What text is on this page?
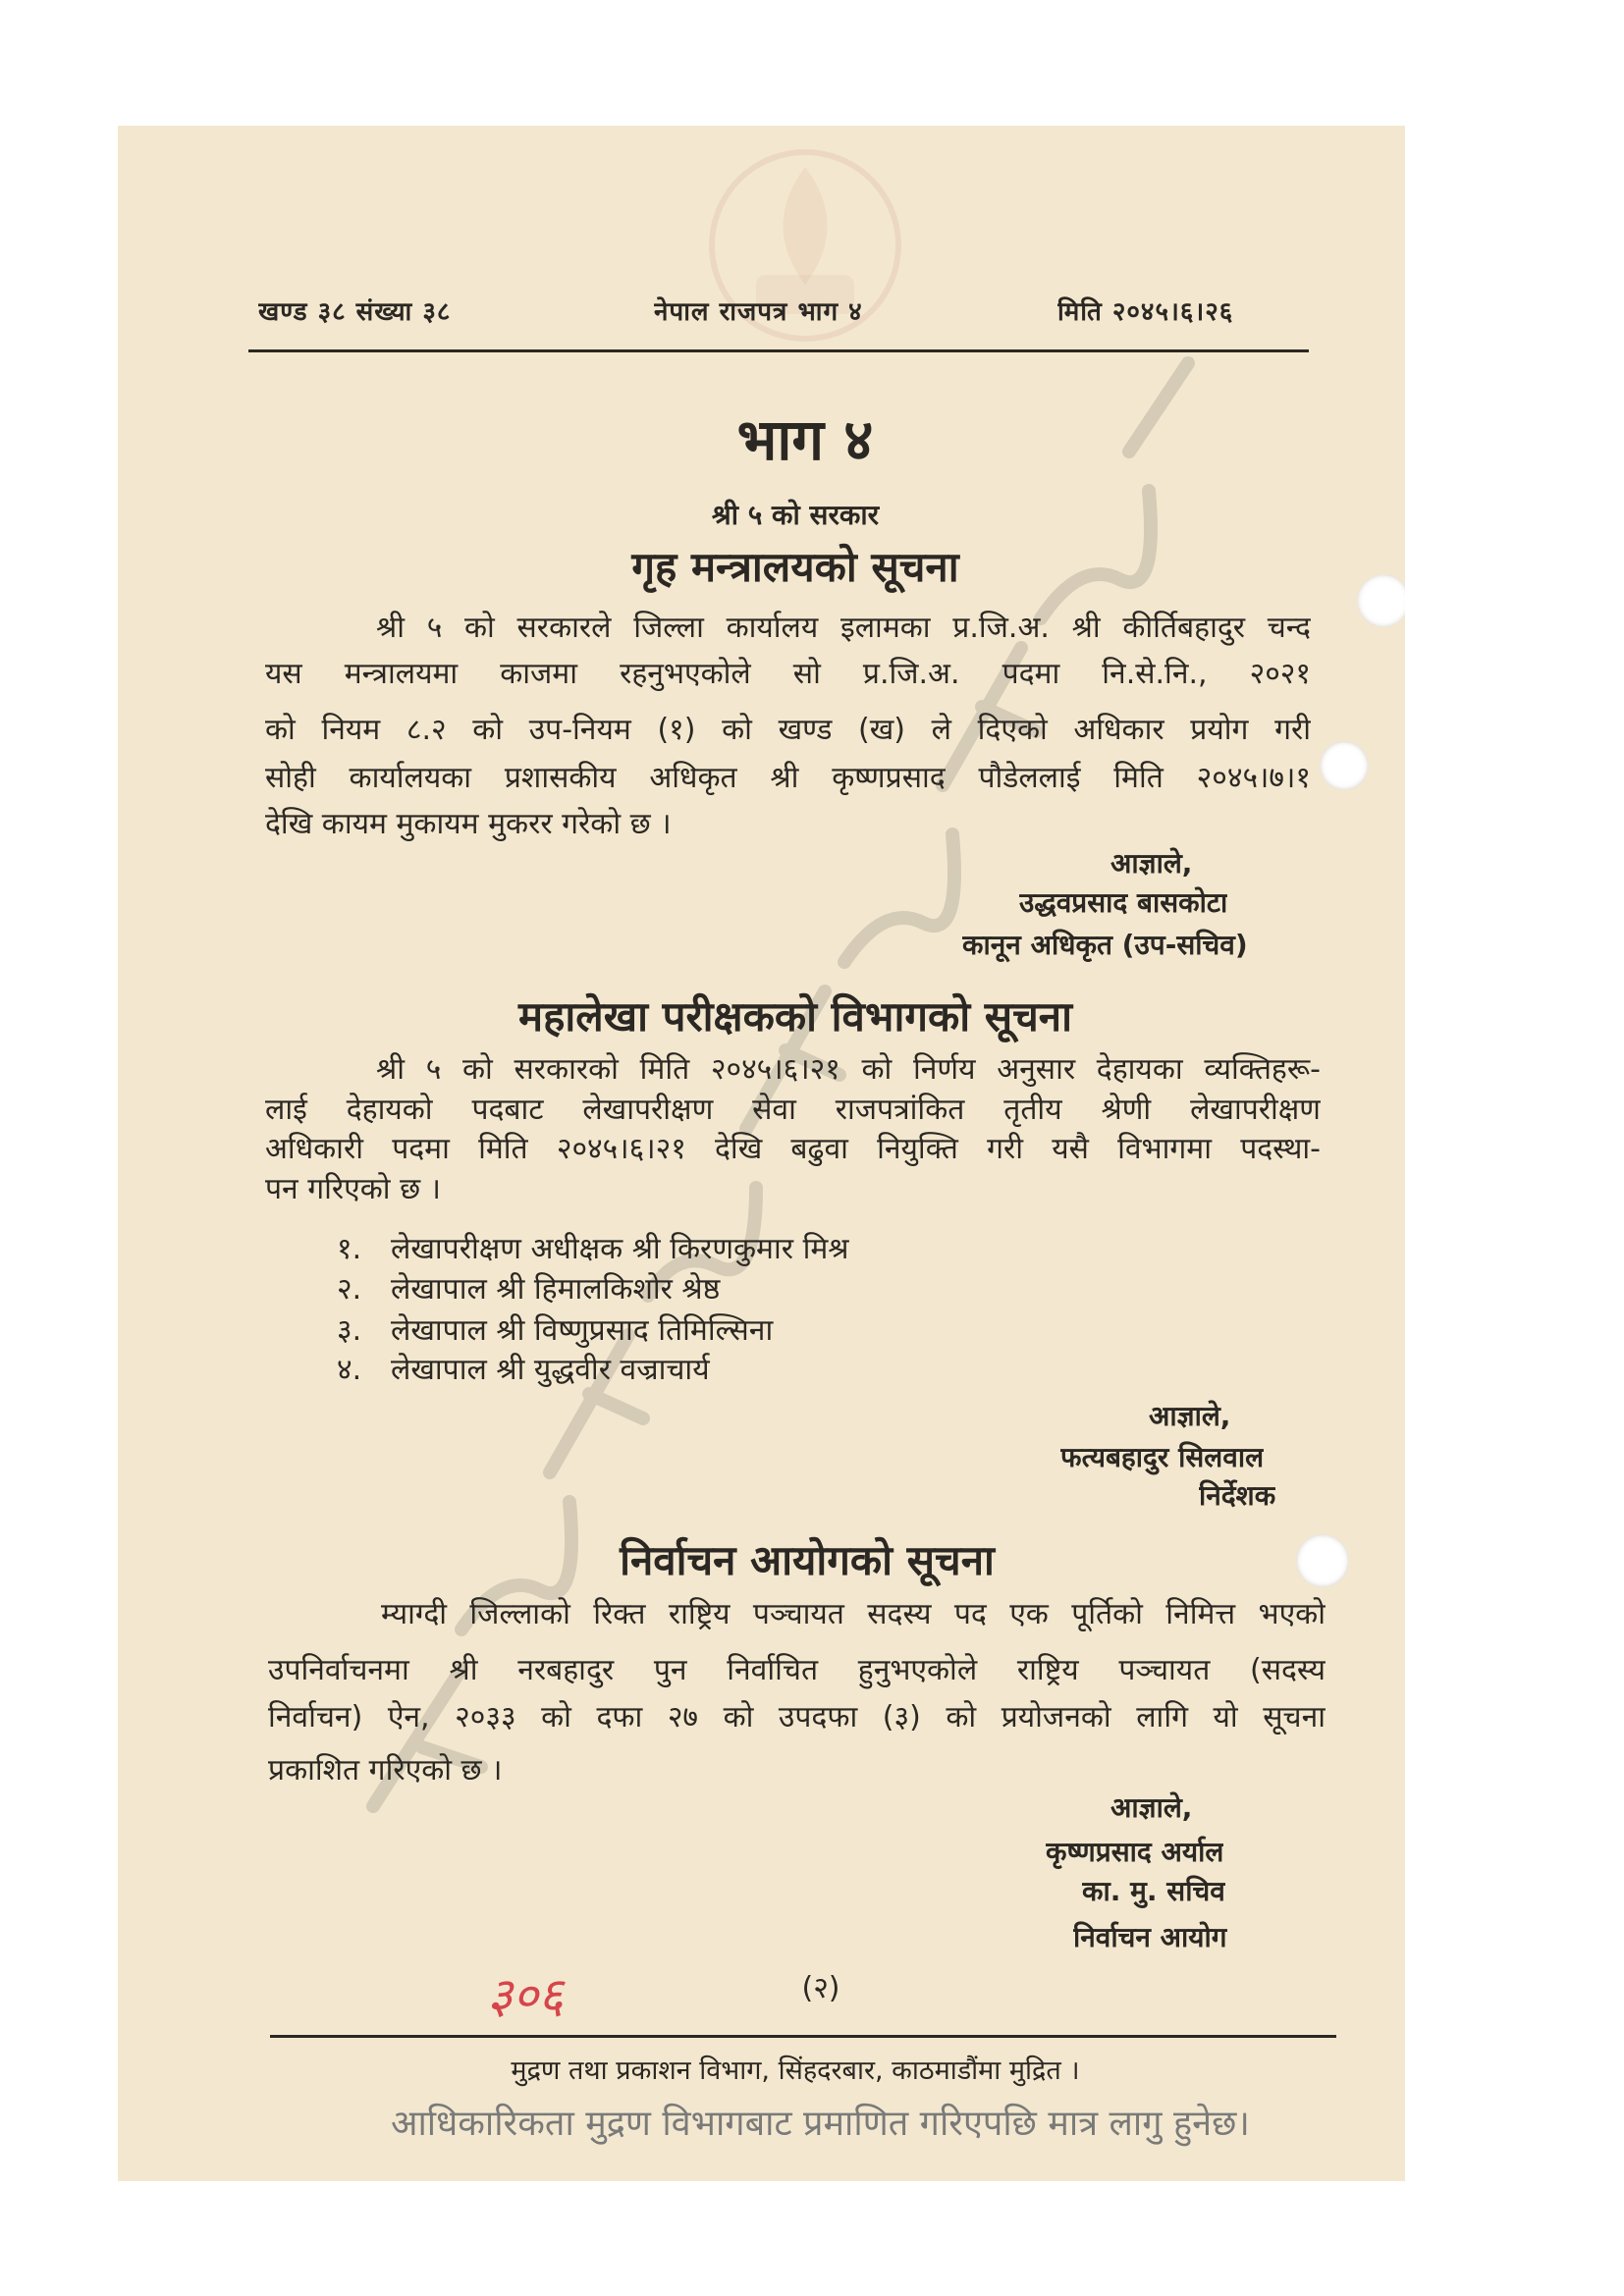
खण्ड ३८ संख्या ३८	नेपाल राजपत्र भाग ४	मिति २०४५।६।२६
भाग ४
श्री ५ को सरकार
गृह मन्त्रालयको सूचना
श्री ५ को सरकारले जिल्ला कार्यालय इलामका प्र.जि.अ. श्री कीर्तिबहादुर चन्द
यस मन्त्रालयमा काजमा रहनुभएकोले सो प्र.जि.अ. पदमा नि.से.नि., २०२१
को नियम ८.२ को उप-नियम (१) को खण्ड (ख) ले दिएको अधिकार प्रयोग गरी
सोही कार्यालयका प्रशासकीय अधिकृत श्री कृष्णप्रसाद पौडेललाई मिति २०४५।७।१
देखि कायम मुकायम मुकरर गरेको छ ।
आज्ञाले,
उद्धवप्रसाद बासकोटा
कानून अधिकृत (उप-सचिव)
महालेखा परीक्षकको विभागको सूचना
श्री ५ को सरकारको मिति २०४५।६।२१ को निर्णय अनुसार देहायका व्यक्तिहरू-
लाई देहायको पदबाट लेखापरीक्षण सेवा राजपत्रांकित तृतीय श्रेणी लेखापरीक्षण
अधिकारी पदमा मिति २०४५।६।२१ देखि बढुवा नियुक्ति गरी यसै विभागमा पदस्था-
पन गरिएको छ ।
१. लेखापरीक्षण अधीक्षक श्री किरणकुमार मिश्र
२. लेखापाल श्री हिमालकिशोर श्रेष्ठ
३. लेखापाल श्री विष्णुप्रसाद तिमिल्सिना
४. लेखापाल श्री युद्धवीर वज्राचार्य
आज्ञाले,
फत्यबहादुर सिलवाल
निर्देशक
निर्वाचन आयोगको सूचना
म्याग्दी जिल्लाको रिक्त राष्ट्रिय पञ्चायत सदस्य पद एक पूर्तिको निमित्त भएको
उपनिर्वाचनमा श्री नरबहादुर पुन निर्वाचित हुनुभएकोले राष्ट्रिय पञ्चायत (सदस्य
निर्वाचन) ऐन, २०३३ को दफा २७ को उपदफा (३) को प्रयोजनको लागि यो सूचना
प्रकाशित गरिएको छ ।
आज्ञाले,
कृष्णप्रसाद अर्याल
का. मु. सचिव
निर्वाचन आयोग
(२)
३०६
मुद्रण तथा प्रकाशन विभाग, सिंहदरबार, काठमाडौंमा मुद्रित ।
आधिकारिकता मुद्रण विभागबाट प्रमाणित गरिएपछि मात्र लागु हुनेछ।
